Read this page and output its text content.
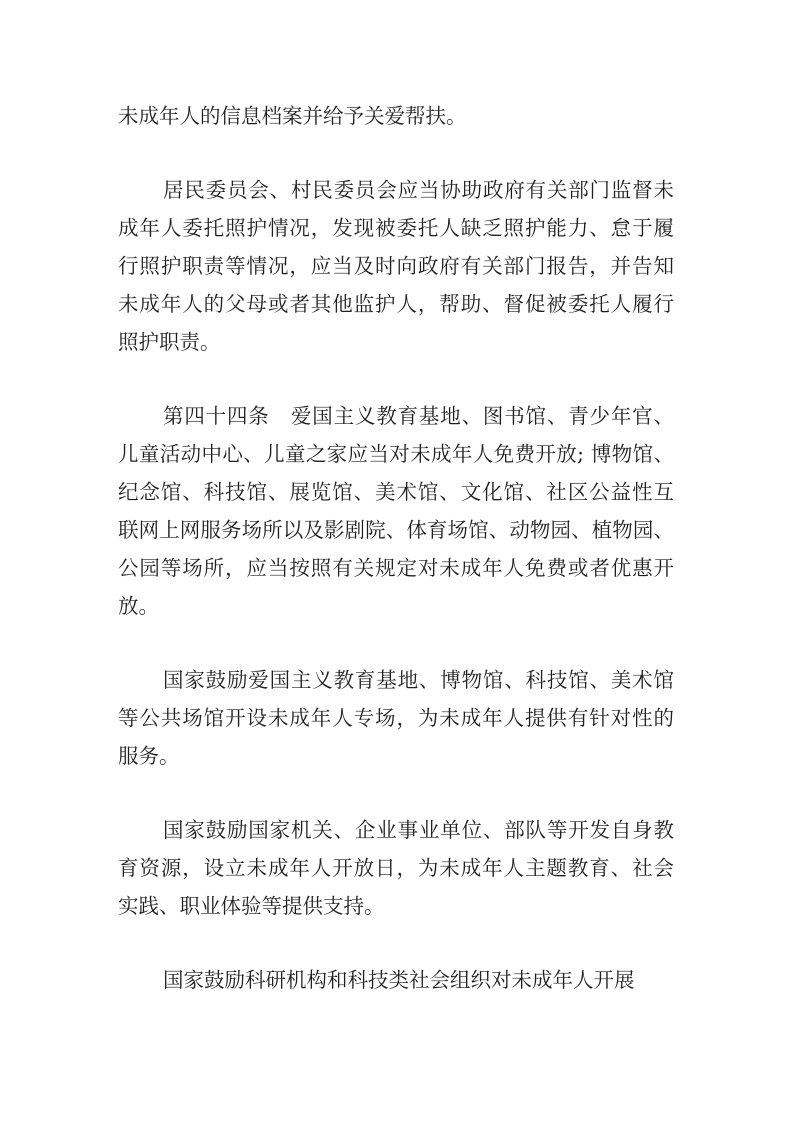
未成年人的信息档案并给予关爱帮扶。
居民委员会、村民委员会应当协助政府有关部门监督未
成年人委托照护情况，发现被委托人缺乏照护能力、怠于履
行照护职责等情况，应当及时向政府有关部门报告，并告知
未成年人的父母或者其他监护人，帮助、督促被委托人履行
照护职责。
第四十四条　爱国主义教育基地、图书馆、青少年官、
儿童活动中心、儿童之家应当对未成年人免费开放; 博物馆、
纪念馆、科技馆、展览馆、美术馆、文化馆、社区公益性互
联网上网服务场所以及影剧院、体育场馆、动物园、植物园、
公园等场所，应当按照有关规定对未成年人免费或者优惠开
放。
国家鼓励爱国主义教育基地、博物馆、科技馆、美术馆
等公共场馆开设未成年人专场，为未成年人提供有针对性的
服务。
国家鼓励国家机关、企业事业单位、部队等开发自身教
育资源，设立未成年人开放日，为未成年人主题教育、社会
实践、职业体验等提供支持。
国家鼓励科研机构和科技类社会组织对未成年人开展
